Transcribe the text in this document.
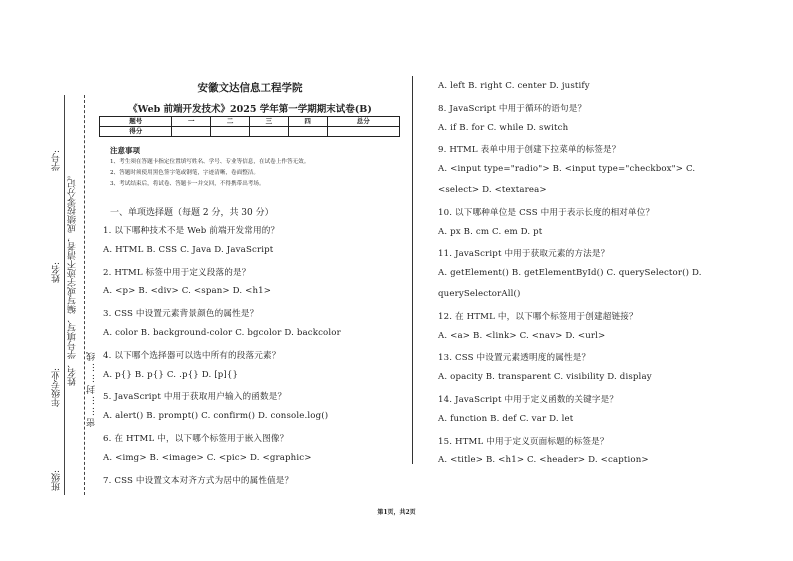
学号:
姓名:
年级专业:
班级:
姓名、学号填写、编写或字迹不清者，成绩按零分记。
密……封……线
安徽文达信息工程学院
《Web 前端开发技术》2025 学年第一学期期末试卷(B)
题号	一	二	三	四	总分
得分					
注意事项
1、考生须在答题卡指定位置填写姓名、学号、专业等信息，在试卷上作答无效。
2、答题时须使用黑色签字笔或钢笔，字迹清晰，卷面整洁。
3、考试结束后，将试卷、答题卡一并交回，不得携带出考场。
一、单项选择题（每题 2 分，共 30 分）
1. 以下哪种技术不是 Web 前端开发常用的？
A. HTML B. CSS C. Java D. JavaScript
2. HTML 标签中用于定义段落的是？
A. <p> B. <div> C. <span> D. <h1>
3. CSS 中设置元素背景颜色的属性是？
A. color B. background-color C. bgcolor D. backcolor
4. 以下哪个选择器可以选中所有的段落元素？
A. p{} B. p{} C. .p{} D. [p]{}
5. JavaScript 中用于获取用户输入的函数是？
A. alert() B. prompt() C. confirm() D. console.log()
6. 在 HTML 中，以下哪个标签用于嵌入图像？
A. <img> B. <image> C. <pic> D. <graphic>
7. CSS 中设置文本对齐方式为居中的属性值是？
A. left B. right C. center D. justify
8. JavaScript 中用于循环的语句是？
A. if B. for C. while D. switch
9. HTML 表单中用于创建下拉菜单的标签是？
A. <input type="radio"> B. <input type="checkbox"> C.
<select> D. <textarea>
10. 以下哪种单位是 CSS 中用于表示长度的相对单位？
A. px B. cm C. em D. pt
11. JavaScript 中用于获取元素的方法是？
A. getElement() B. getElementById() C. querySelector() D.
querySelectorAll()
12. 在 HTML 中，以下哪个标签用于创建超链接？
A. <a> B. <link> C. <nav> D. <url>
13. CSS 中设置元素透明度的属性是？
A. opacity B. transparent C. visibility D. display
14. JavaScript 中用于定义函数的关键字是？
A. function B. def C. var D. let
15. HTML 中用于定义页面标题的标签是？
A. <title> B. <h1> C. <header> D. <caption>
第1页，共2页
